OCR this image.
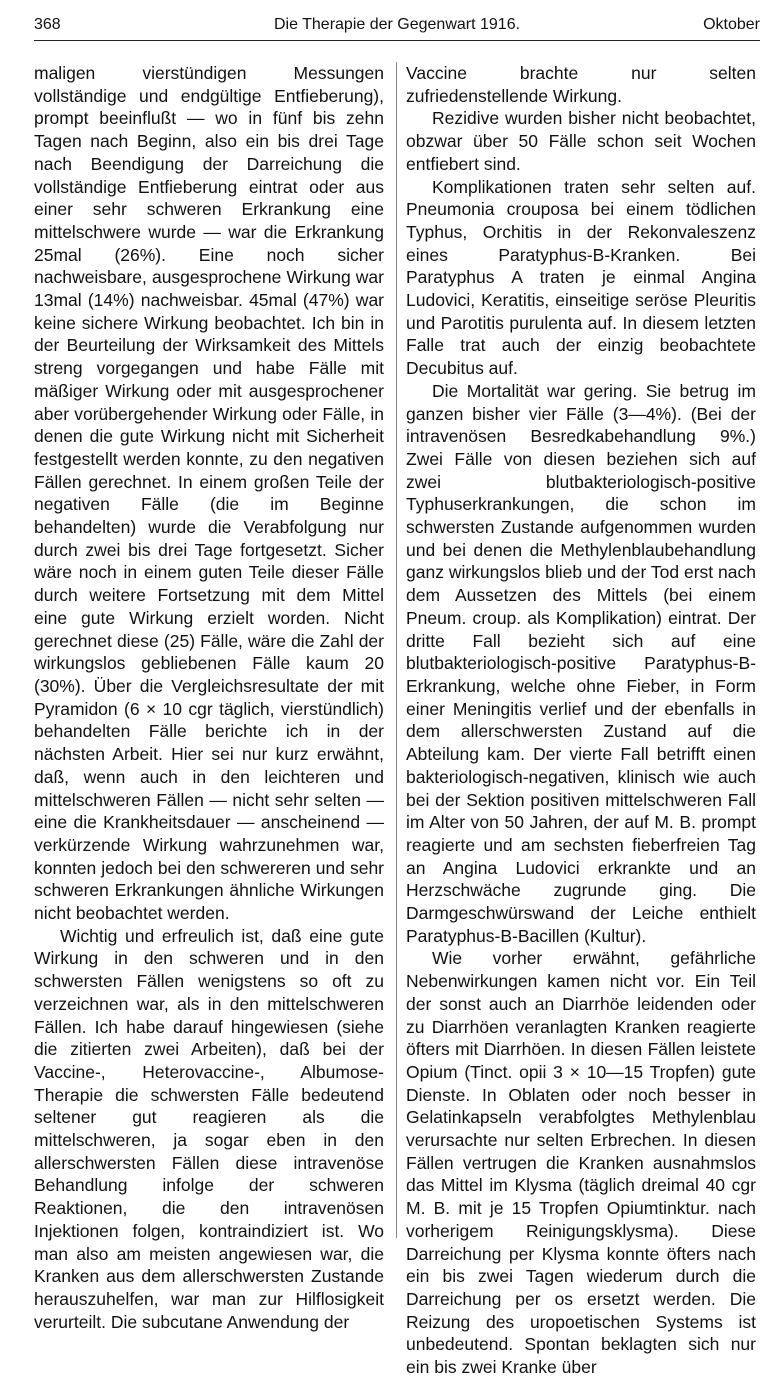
368	Die Therapie der Gegenwart 1916.	Oktober

maligen vierstündigen Messungen vollständige und endgültige Entfieberung), prompt beeinflußt — wo in fünf bis zehn Tagen nach Beginn, also ein bis drei Tage nach Beendigung der Darreichung die vollständige Entfieberung eintrat oder aus einer sehr schweren Erkrankung eine mittelschwere wurde — war die Erkrankung 25mal (26%). Eine noch sicher nachweisbare, ausgesprochene Wirkung war 13mal (14%) nachweisbar. 45mal (47%) war keine sichere Wirkung beobachtet. Ich bin in der Beurteilung der Wirksamkeit des Mittels streng vorgegangen und habe Fälle mit mäßiger Wirkung oder mit ausgesprochener aber vorübergehender Wirkung oder Fälle, in denen die gute Wirkung nicht mit Sicherheit festgestellt werden konnte, zu den negativen Fällen gerechnet. In einem großen Teile der negativen Fälle (die im Beginne behandelten) wurde die Verabfolgung nur durch zwei bis drei Tage fortgesetzt. Sicher wäre noch in einem guten Teile dieser Fälle durch weitere Fortsetzung mit dem Mittel eine gute Wirkung erzielt worden. Nicht gerechnet diese (25) Fälle, wäre die Zahl der wirkungslos gebliebenen Fälle kaum 20 (30%). Über die Vergleichsresultate der mit Pyramidon (6 × 10 cgr täglich, vierstündlich) behandelten Fälle berichte ich in der nächsten Arbeit. Hier sei nur kurz erwähnt, daß, wenn auch in den leichteren und mittelschweren Fällen — nicht sehr selten — eine die Krankheitsdauer — anscheinend — verkürzende Wirkung wahrzunehmen war, konnten jedoch bei den schwereren und sehr schweren Erkrankungen ähnliche Wirkungen nicht beobachtet werden.

Wichtig und erfreulich ist, daß eine gute Wirkung in den schweren und in den schwersten Fällen wenigstens so oft zu verzeichnen war, als in den mittelschweren Fällen. Ich habe darauf hingewiesen (siehe die zitierten zwei Arbeiten), daß bei der Vaccine-, Heterovaccine-, Albumose-Therapie die schwersten Fälle bedeutend seltener gut reagieren als die mittelschweren, ja sogar eben in den allerschwersten Fällen diese intravenöse Behandlung infolge der schweren Reaktionen, die den intravenösen Injektionen folgen, kontraindiziert ist. Wo man also am meisten angewiesen war, die Kranken aus dem allerschwersten Zustande herauszuhelfen, war man zur Hilflosigkeit verurteilt. Die subcutane Anwendung der

Vaccine brachte nur selten zufriedenstellende Wirkung.

Rezidive wurden bisher nicht beobachtet, obzwar über 50 Fälle schon seit Wochen entfiebert sind.

Komplikationen traten sehr selten auf. Pneumonia crouposa bei einem tödlichen Typhus, Orchitis in der Rekonvaleszenz eines Paratyphus-B-Kranken. Bei Paratyphus A traten je einmal Angina Ludovici, Keratitis, einseitige seröse Pleuritis und Parotitis purulenta auf. In diesem letzten Falle trat auch der einzig beobachtete Decubitus auf.

Die Mortalität war gering. Sie betrug im ganzen bisher vier Fälle (3—4%). (Bei der intravenösen Besredkabehandlung 9%.) Zwei Fälle von diesen beziehen sich auf zwei blutbakteriologisch-positive Typhuserkrankungen, die schon im schwersten Zustande aufgenommen wurden und bei denen die Methylenblaubehandlung ganz wirkungslos blieb und der Tod erst nach dem Aussetzen des Mittels (bei einem Pneum. croup. als Komplikation) eintrat. Der dritte Fall bezieht sich auf eine blutbakteriologisch-positive Paratyphus-B-Erkrankung, welche ohne Fieber, in Form einer Meningitis verlief und der ebenfalls in dem allerschwersten Zustand auf die Abteilung kam. Der vierte Fall betrifft einen bakteriologisch-negativen, klinisch wie auch bei der Sektion positiven mittelschweren Fall im Alter von 50 Jahren, der auf M. B. prompt reagierte und am sechsten fieberfreien Tag an Angina Ludovici erkrankte und an Herzschwäche zugrunde ging. Die Darmgeschwürswand der Leiche enthielt Paratyphus-B-Bacillen (Kultur).

Wie vorher erwähnt, gefährliche Nebenwirkungen kamen nicht vor. Ein Teil der sonst auch an Diarrhöe leidenden oder zu Diarrhöen veranlagten Kranken reagierte öfters mit Diarrhöen. In diesen Fällen leistete Opium (Tinct. opii 3 × 10—15 Tropfen) gute Dienste. In Oblaten oder noch besser in Gelatinkapseln verabfolgtes Methylenblau verursachte nur selten Erbrechen. In diesen Fällen vertrugen die Kranken ausnahmslos das Mittel im Klysma (täglich dreimal 40 cgr M. B. mit je 15 Tropfen Opiumtinktur. nach vorherigem Reinigungsklysma). Diese Darreichung per Klysma konnte öfters nach ein bis zwei Tagen wiederum durch die Darreichung per os ersetzt werden. Die Reizung des uropoetischen Systems ist unbedeutend. Spontan beklagten sich nur ein bis zwei Kranke über
